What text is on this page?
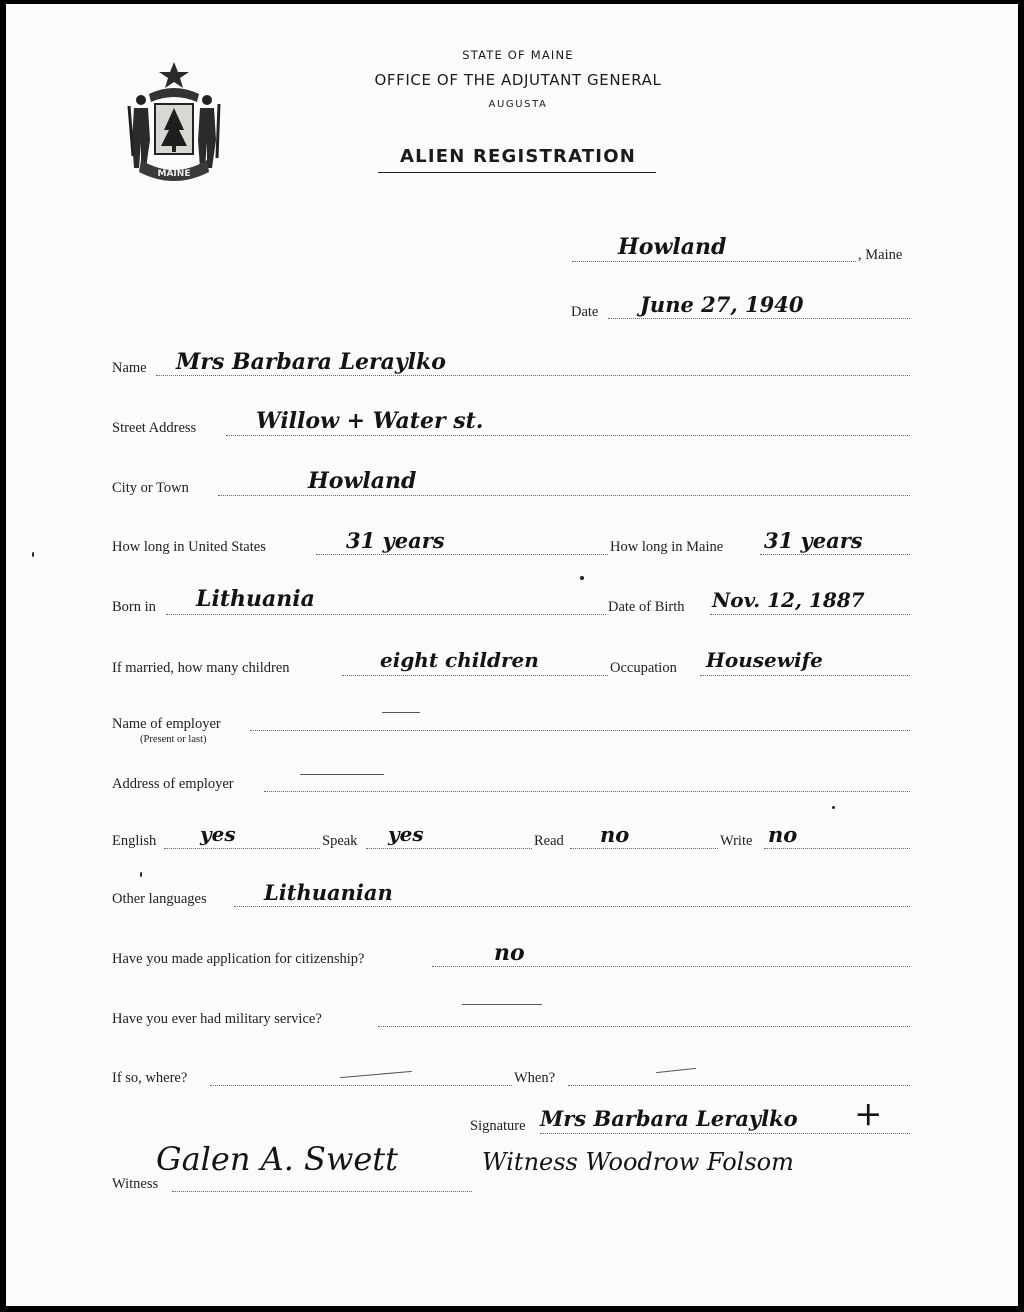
MAINE
STATE OF MAINE
OFFICE OF THE ADJUTANT GENERAL
AUGUSTA
ALIEN REGISTRATION
Howland	, Maine
Date June 27, 1940
Name Mrs Barbara Leraylko
Street Address	Willow + Water st.
City or Town	Howland
How long in United States	31 years	How long in Maine 31 years
Born in Lithuania	Date of Birth Nov. 12, 1887
If married, how many children	eight children	Occupation Housewife
Name of employer
(Present or last)
Address of employer
English yes	Speak yes	Read no	Write no
Other languages	Lithuanian
Have you made application for citizenship?	no
Have you ever had military service?
If so, where?	When?
Signature Mrs Barbara Leraylko +
Witness
Galen A. Swett	Witness Woodrow Folsom
